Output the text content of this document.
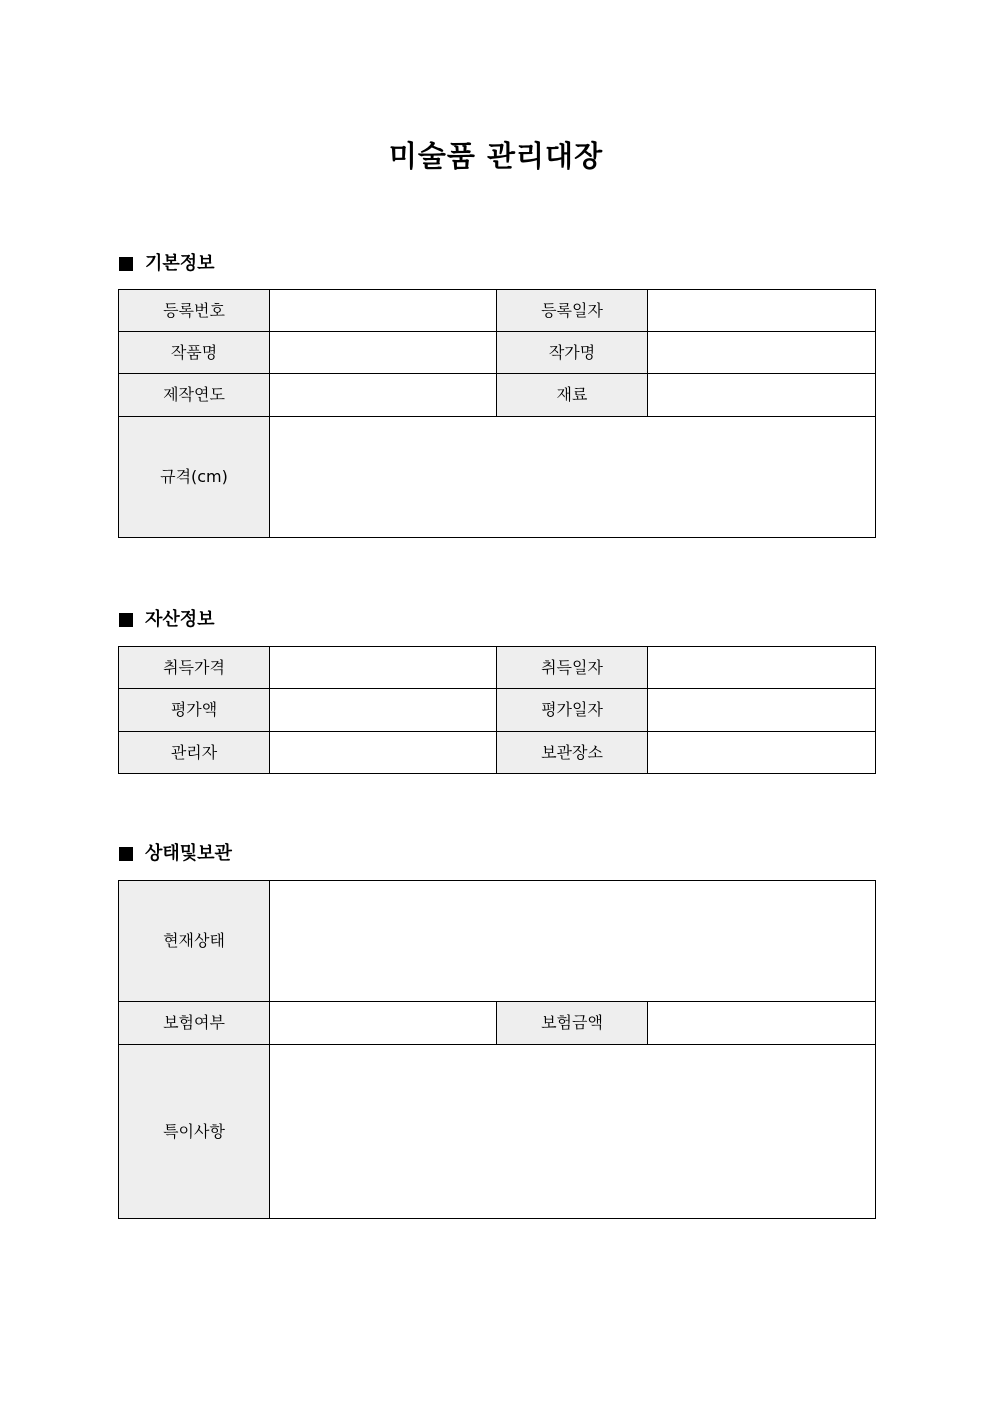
미술품 관리대장
기본정보
등록번호		등록일자	
작품명		작가명	
제작연도		재료	
규격(cm)			
자산정보
취득가격		취득일자	
평가액		평가일자	
관리자		보관장소	
상태및보관
현재상태			
보험여부		보험금액	
특이사항			
